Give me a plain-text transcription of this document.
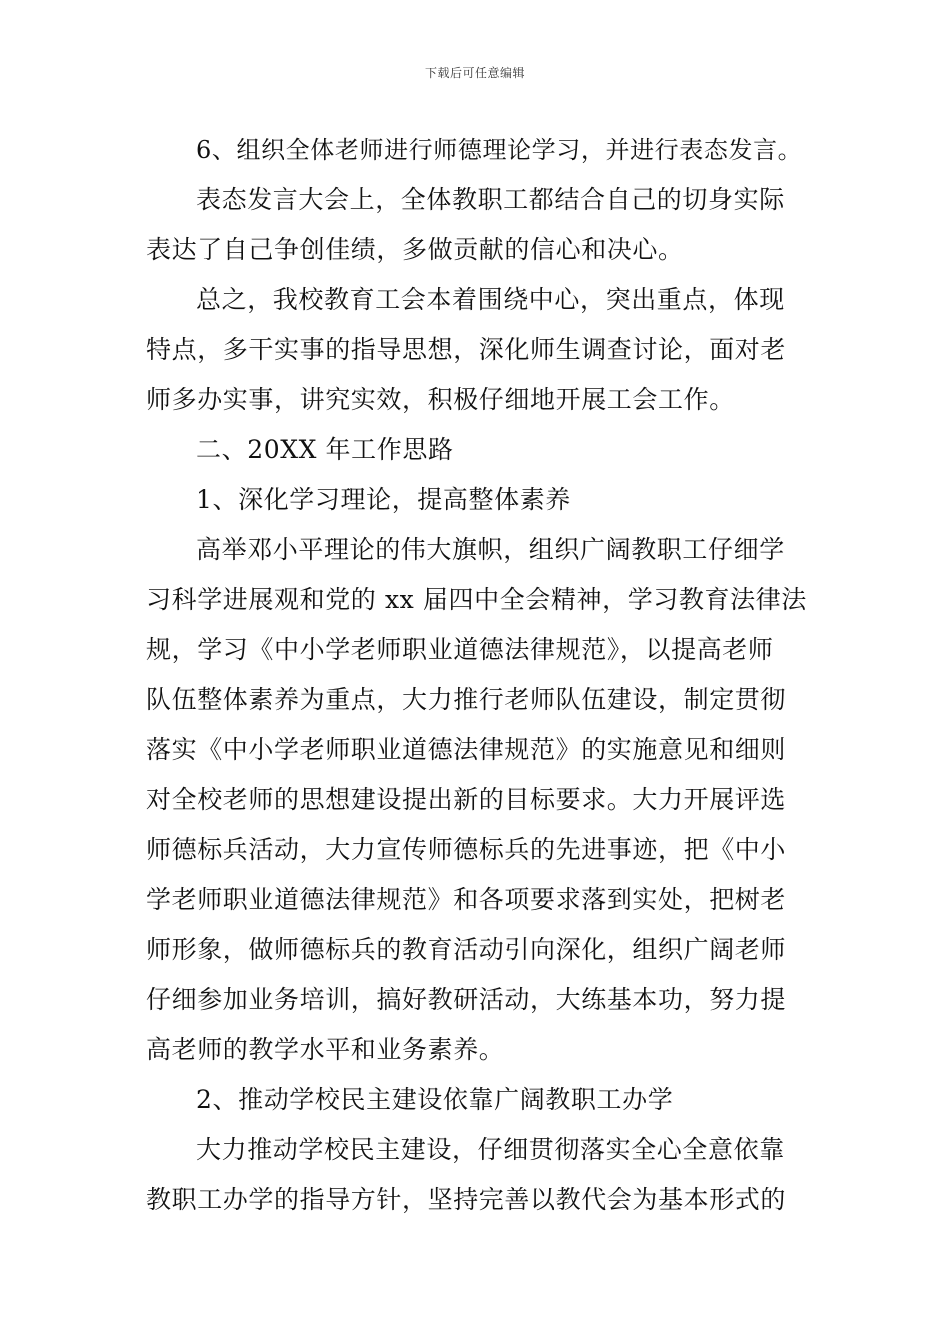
下载后可任意编辑
6、组织全体老师进行师德理论学习，并进行表态发言。
表态发言大会上，全体教职工都结合自己的切身实际
表达了自己争创佳绩，多做贡献的信心和决心。
总之，我校教育工会本着围绕中心，突出重点，体现
特点，多干实事的指导思想，深化师生调查讨论，面对老
师多办实事，讲究实效，积极仔细地开展工会工作。
二、20XX 年工作思路
1、深化学习理论，提高整体素养
高举邓小平理论的伟大旗帜，组织广阔教职工仔细学
习科学进展观和党的 xx 届四中全会精神，学习教育法律法
规，学习《中小学老师职业道德法律规范》，以提高老师
队伍整体素养为重点，大力推行老师队伍建设，制定贯彻
落实《中小学老师职业道德法律规范》的实施意见和细则
对全校老师的思想建设提出新的目标要求。大力开展评选
师德标兵活动，大力宣传师德标兵的先进事迹，把《中小
学老师职业道德法律规范》和各项要求落到实处，把树老
师形象，做师德标兵的教育活动引向深化，组织广阔老师
仔细参加业务培训，搞好教研活动，大练基本功，努力提
高老师的教学水平和业务素养。
2、推动学校民主建设依靠广阔教职工办学
大力推动学校民主建设，仔细贯彻落实全心全意依靠
教职工办学的指导方针，坚持完善以教代会为基本形式的
